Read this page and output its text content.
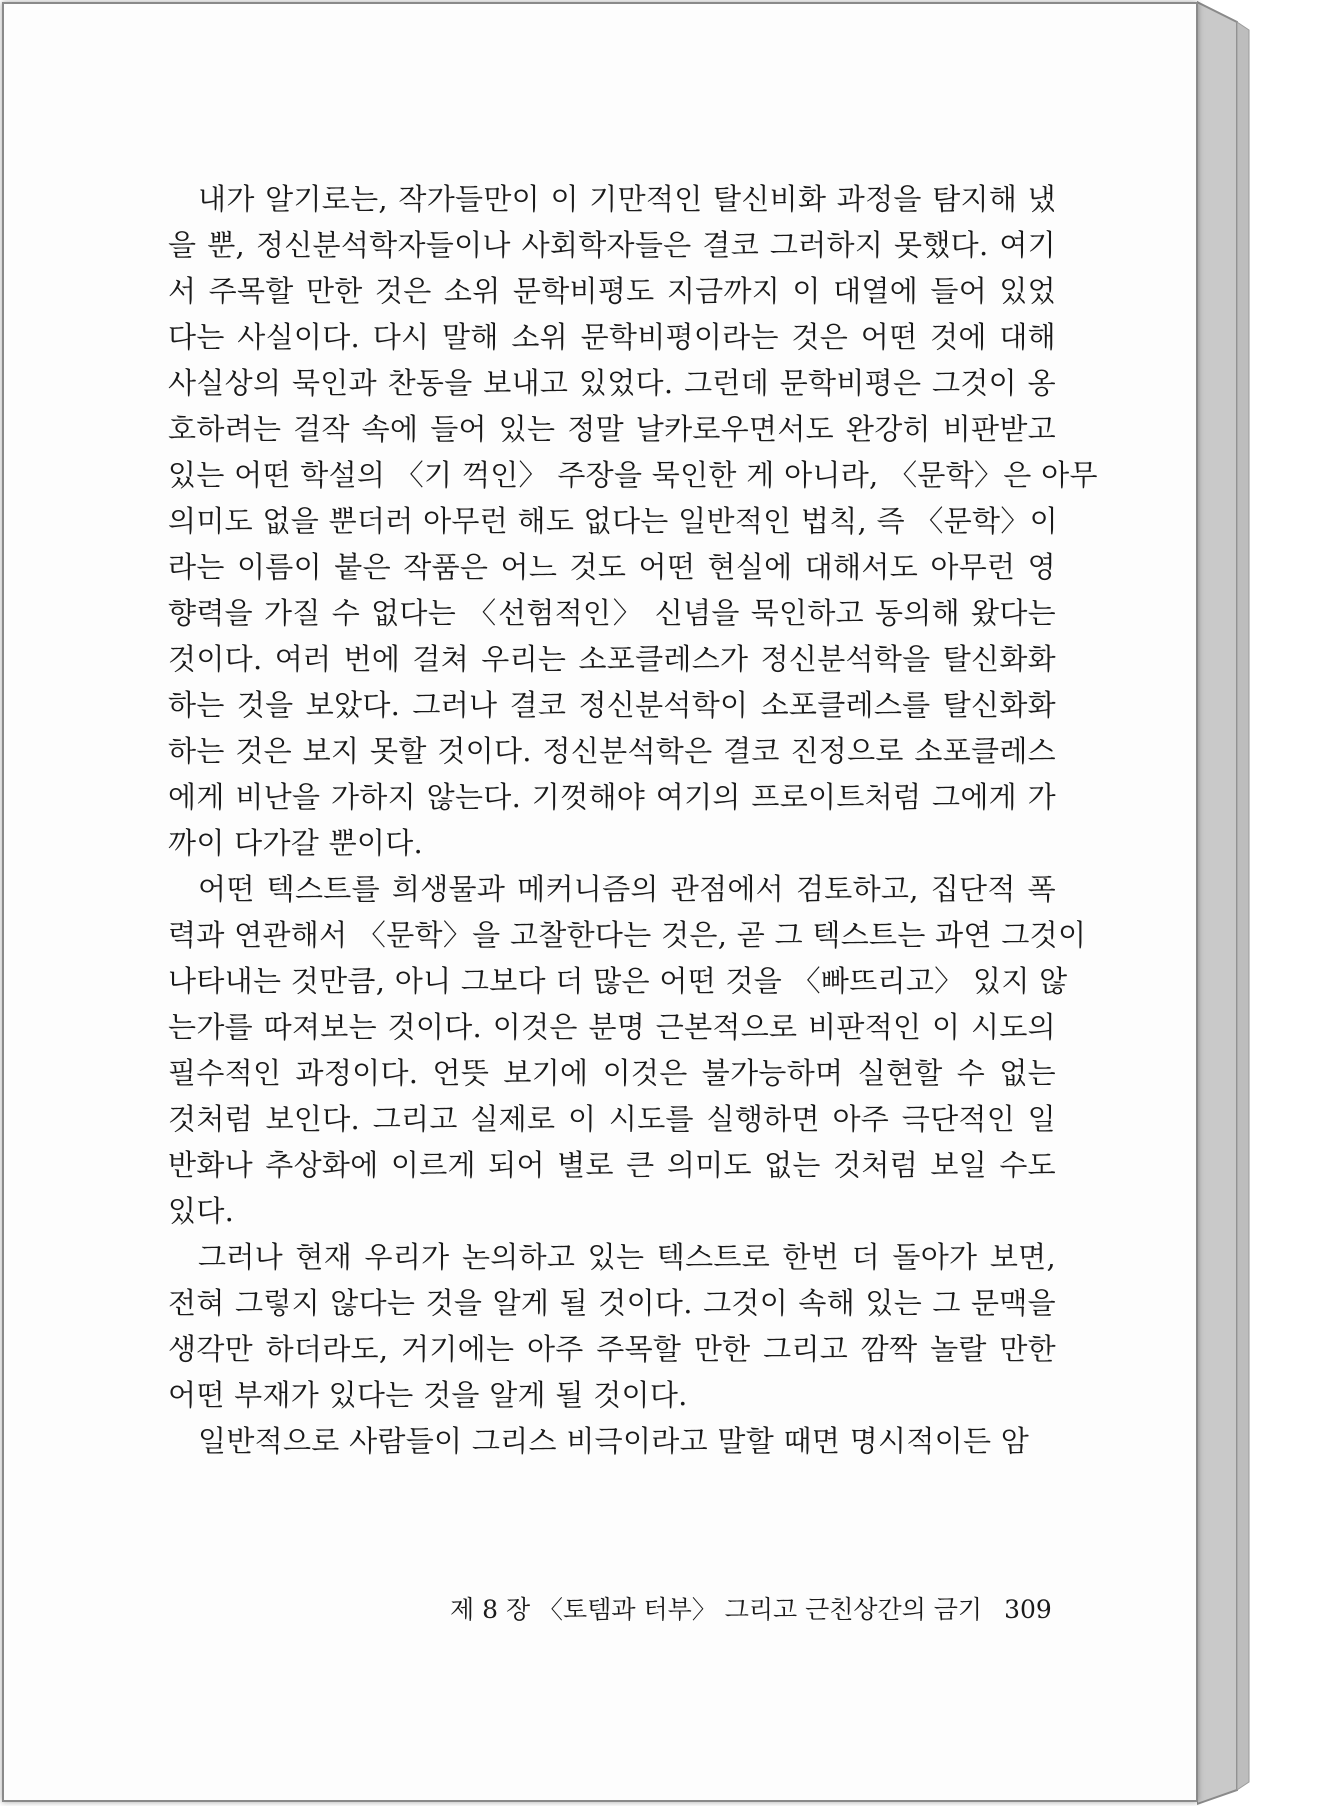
내가 알기로는, 작가들만이 이 기만적인 탈신비화 과정을 탐지해 냈
을 뿐, 정신분석학자들이나 사회학자들은 결코 그러하지 못했다. 여기
서 주목할 만한 것은 소위 문학비평도 지금까지 이 대열에 들어 있었
다는 사실이다. 다시 말해 소위 문학비평이라는 것은 어떤 것에 대해
사실상의 묵인과 찬동을 보내고 있었다. 그런데 문학비평은 그것이 옹
호하려는 걸작 속에 들어 있는 정말 날카로우면서도 완강히 비판받고
있는 어떤 학설의 〈기 꺽인〉 주장을 묵인한 게 아니라, 〈문학〉은 아무
의미도 없을 뿐더러 아무런 해도 없다는 일반적인 법칙, 즉 〈문학〉이
라는 이름이 붙은 작품은 어느 것도 어떤 현실에 대해서도 아무런 영
향력을 가질 수 없다는 〈선험적인〉 신념을 묵인하고 동의해 왔다는
것이다. 여러 번에 걸쳐 우리는 소포클레스가 정신분석학을 탈신화화
하는 것을 보았다. 그러나 결코 정신분석학이 소포클레스를 탈신화화
하는 것은 보지 못할 것이다. 정신분석학은 결코 진정으로 소포클레스
에게 비난을 가하지 않는다. 기껏해야 여기의 프로이트처럼 그에게 가
까이 다가갈 뿐이다.
어떤 텍스트를 희생물과 메커니즘의 관점에서 검토하고, 집단적 폭
력과 연관해서 〈문학〉을 고찰한다는 것은, 곧 그 텍스트는 과연 그것이
나타내는 것만큼, 아니 그보다 더 많은 어떤 것을 〈빠뜨리고〉 있지 않
는가를 따져보는 것이다. 이것은 분명 근본적으로 비판적인 이 시도의
필수적인 과정이다. 언뜻 보기에 이것은 불가능하며 실현할 수 없는
것처럼 보인다. 그리고 실제로 이 시도를 실행하면 아주 극단적인 일
반화나 추상화에 이르게 되어 별로 큰 의미도 없는 것처럼 보일 수도
있다.
그러나 현재 우리가 논의하고 있는 텍스트로 한번 더 돌아가 보면,
전혀 그렇지 않다는 것을 알게 될 것이다. 그것이 속해 있는 그 문맥을
생각만 하더라도, 거기에는 아주 주목할 만한 그리고 깜짝 놀랄 만한
어떤 부재가 있다는 것을 알게 될 것이다.
일반적으로 사람들이 그리스 비극이라고 말할 때면 명시적이든 암
제 8 장 〈토템과 터부〉 그리고 근친상간의 금기 309
